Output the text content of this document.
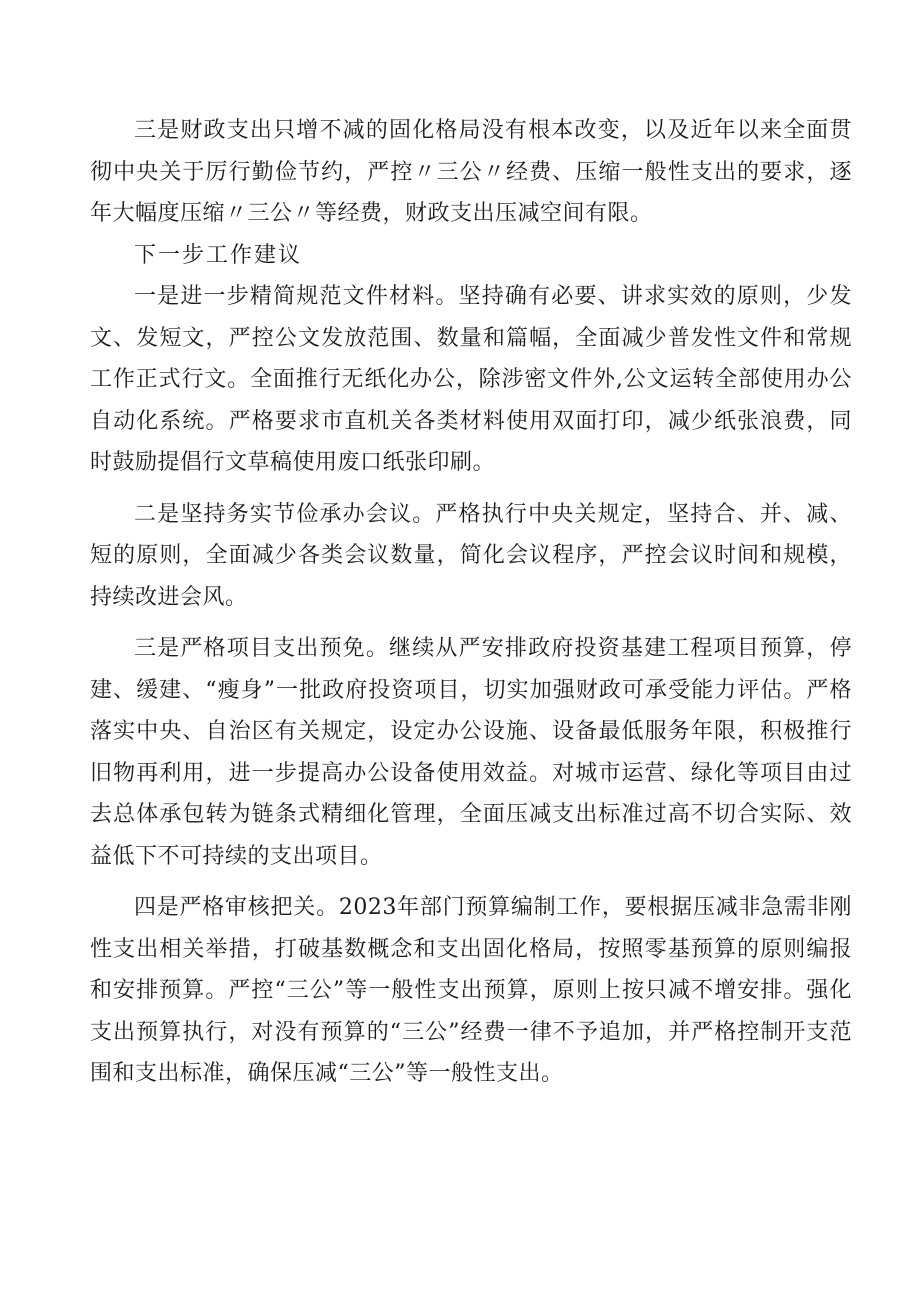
三是财政支出只增不减的固化格局没有根本改变，以及近年以来全面贯彻中央关于厉行勤俭节约，严控〃三公〃经费、压缩一般性支出的要求，逐年大幅度压缩〃三公〃等经费，财政支出压减空间有限。

下一步工作建议

一是进一步精简规范文件材料。坚持确有必要、讲求实效的原则，少发文、发短文，严控公文发放范围、数量和篇幅，全面减少普发性文件和常规工作正式行文。全面推行无纸化办公，除涉密文件外,公文运转全部使用办公自动化系统。严格要求市直机关各类材料使用双面打印，减少纸张浪费，同时鼓励提倡行文草稿使用废口纸张印刷。

二是坚持务实节俭承办会议。严格执行中央关规定，坚持合、并、减、短的原则，全面减少各类会议数量，简化会议程序，严控会议时间和规模，持续改进会风。

三是严格项目支出预免。继续从严安排政府投资基建工程项目预算，停建、缓建、“瘦身”一批政府投资项目，切实加强财政可承受能力评估。严格落实中央、自治区有关规定，设定办公设施、设备最低服务年限，积极推行旧物再利用，进一步提高办公设备使用效益。对城市运营、绿化等项目由过去总体承包转为链条式精细化管理，全面压减支出标准过高不切合实际、效益低下不可持续的支出项目。

四是严格审核把关。2023年部门预算编制工作，要根据压减非急需非刚性支出相关举措，打破基数概念和支出固化格局，按照零基预算的原则编报和安排预算。严控“三公”等一般性支出预算，原则上按只减不增安排。强化支出预算执行，对没有预算的“三公”经费一律不予追加，并严格控制开支范围和支出标准，确保压减“三公”等一般性支出。
